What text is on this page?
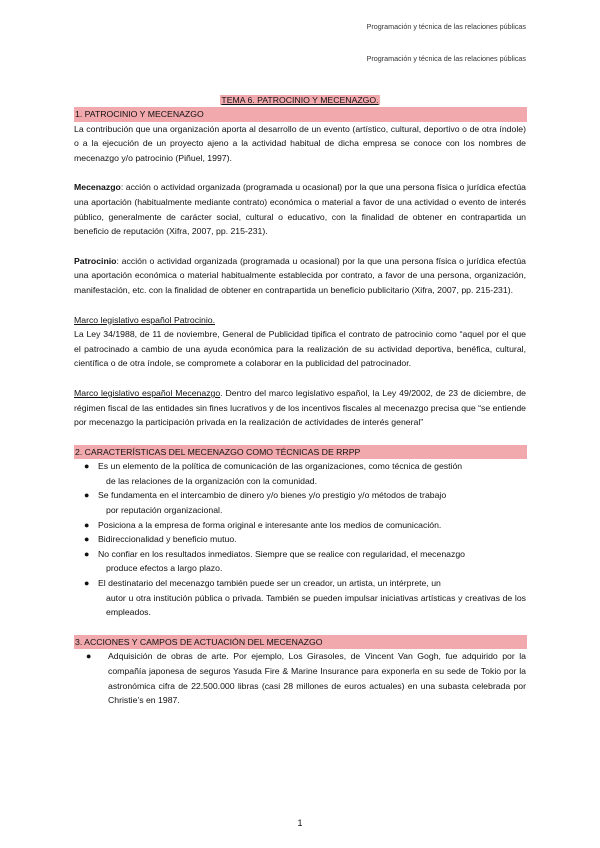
Programación y técnica de las relaciones públicas
Programación y técnica de las relaciones públicas
TEMA 6. PATROCINIO Y MECENAZGO.
1. PATROCINIO Y MECENAZGO

La contribución que una organización aporta al desarrollo de un evento (artístico, cultural, deportivo o de otra índole) o a la ejecución de un proyecto ajeno a la actividad habitual de dicha empresa se conoce con los nombres de mecenazgo y/o patrocinio (Piñuel, 1997).

Mecenazgo: acción o actividad organizada (programada u ocasional) por la que una persona física o jurídica efectúa una aportación (habitualmente mediante contrato) económica o material a favor de una actividad o evento de interés público, generalmente de carácter social, cultural o educativo, con la finalidad de obtener en contrapartida un beneficio de reputación (Xifra, 2007, pp. 215-231).

Patrocinio: acción o actividad organizada (programada u ocasional) por la que una persona física o jurídica efectúa una aportación económica o material habitualmente establecida por contrato, a favor de una persona, organización, manifestación, etc. con la finalidad de obtener en contrapartida un beneficio publicitario (Xifra, 2007, pp. 215-231).

Marco legislativo español Patrocinio.

La Ley 34/1988, de 11 de noviembre, General de Publicidad tipifica el contrato de patrocinio como “aquel por el que el patrocinado a cambio de una ayuda económica para la realización de su actividad deportiva, benéfica, cultural, científica o de otra índole, se compromete a colaborar en la publicidad del patrocinador.

Marco legislativo español Mecenazgo. Dentro del marco legislativo español, la Ley 49/2002, de 23 de diciembre, de régimen fiscal de las entidades sin fines lucrativos y de los incentivos fiscales al mecenazgo precisa que “se entiende por mecenazgo la participación privada en la realización de actividades de interés general”

2. CARACTERÍSTICAS DEL MECENAZGO COMO TÉCNICAS DE RRPP
● Es un elemento de la política de comunicación de las organizaciones, como técnica de gestión
de las relaciones de la organización con la comunidad.
● Se fundamenta en el intercambio de dinero y/o bienes y/o prestigio y/o métodos de trabajo
por reputación organizacional.
● Posiciona a la empresa de forma original e interesante ante los medios de comunicación.
● Bidireccionalidad y beneficio mutuo.
● No confiar en los resultados inmediatos. Siempre que se realice con regularidad, el mecenazgo
produce efectos a largo plazo.
● El destinatario del mecenazgo también puede ser un creador, un artista, un intérprete, un
autor u otra institución pública o privada. También se pueden impulsar iniciativas artísticas y creativas de los empleados.
3. ACCIONES Y CAMPOS DE ACTUACIÓN DEL MECENAZGO
● Adquisición de obras de arte. Por ejemplo, Los Girasoles, de Vincent Van Gogh, fue adquirido por la compañía japonesa de seguros Yasuda Fire & Marine Insurance para exponerla en su sede de Tokio por la astronómica cifra de 22.500.000 libras (casi 28 millones de euros actuales) en una subasta celebrada por Christie’s en 1987.
1
